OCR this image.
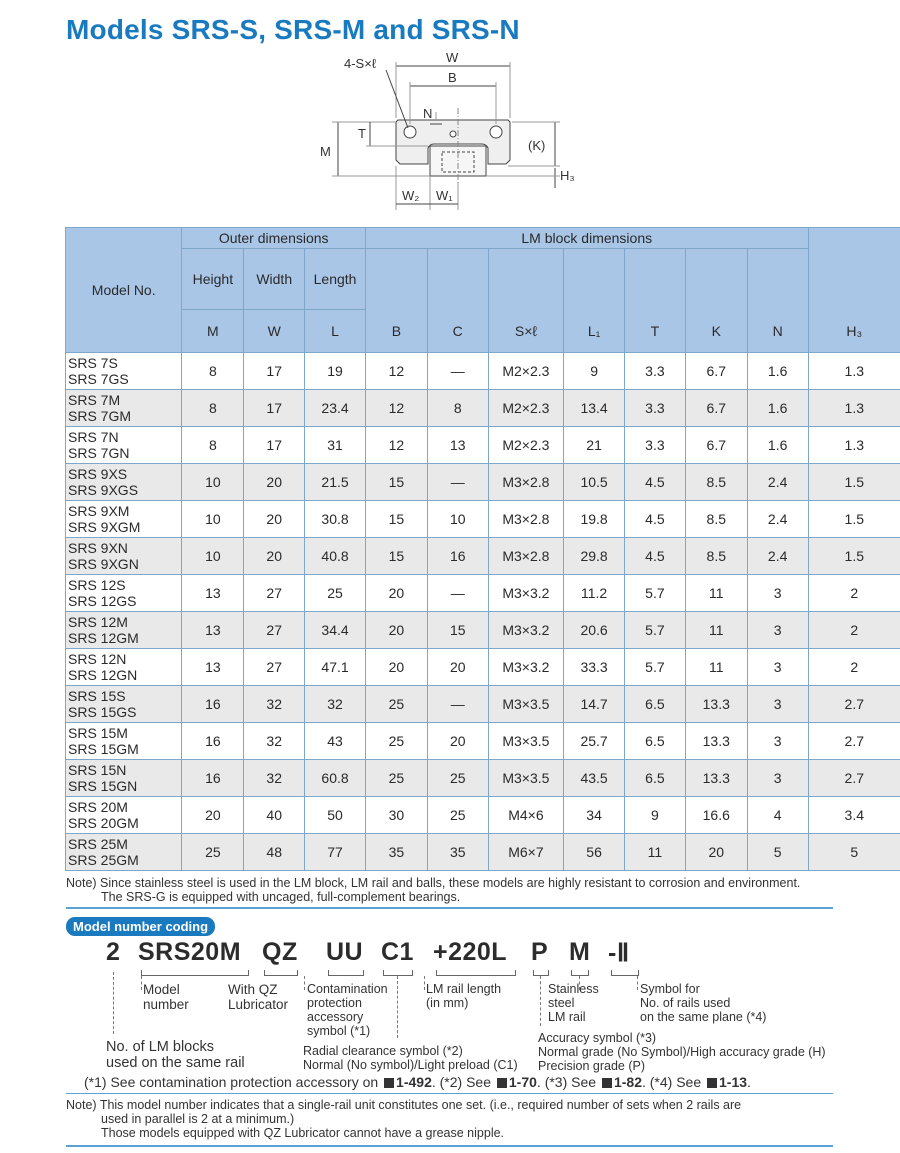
Models SRS-S, SRS-M and SRS-N
W
B
4-S×ℓ
N
T
M	(K)
H₃
W₂ W₁
Model No.	Outer dimensions			LM block dimensions							
	Height	Width	Length								
	M	W	L	B	C	S×ℓ	L₁	T	K	N	H₃

SRS 7S
SRS 7GS	8	17	19	12	—	M2×2.3	9	3.3	6.7	1.6	1.3

SRS 7M
SRS 7GM	8	17	23.4	12	8	M2×2.3	13.4	3.3	6.7	1.6	1.3

SRS 7N
SRS 7GN	8	17	31	12	13	M2×2.3	21	3.3	6.7	1.6	1.3

SRS 9XS
SRS 9XGS	10	20	21.5	15	—	M3×2.8	10.5	4.5	8.5	2.4	1.5

SRS 9XM
SRS 9XGM	10	20	30.8	15	10	M3×2.8	19.8	4.5	8.5	2.4	1.5

SRS 9XN
SRS 9XGN	10	20	40.8	15	16	M3×2.8	29.8	4.5	8.5	2.4	1.5

SRS 12S
SRS 12GS	13	27	25	20	—	M3×3.2	11.2	5.7	11	3	2

SRS 12M
SRS 12GM	13	27	34.4	20	15	M3×3.2	20.6	5.7	11	3	2

SRS 12N
SRS 12GN	13	27	47.1	20	20	M3×3.2	33.3	5.7	11	3	2

SRS 15S
SRS 15GS	16	32	32	25	—	M3×3.5	14.7	6.5	13.3	3	2.7

SRS 15M
SRS 15GM	16	32	43	25	20	M3×3.5	25.7	6.5	13.3	3	2.7

SRS 15N
SRS 15GN	16	32	60.8	25	25	M3×3.5	43.5	6.5	13.3	3	2.7

SRS 20M
SRS 20GM	20	40	50	30	25	M4×6	34	9	16.6	4	3.4

SRS 25M
SRS 25GM	25	48	77	35	35	M6×7	56	11	20	5	5
Note) Since stainless steel is used in the LM block, LM rail and balls, these models are highly resistant to corrosion and environment.
The SRS-G is equipped with uncaged, full-complement bearings.
Model number coding
2 SRS20M QZ UU C1 +220L P M -Ⅱ
Model
number
With QZ
Lubricator
Contamination
protection
accessory
symbol (*1)
LM rail length
(in mm)
Stainless
steel
LM rail
Symbol for
No. of rails used
on the same plane (*4)
Accuracy symbol (*3)
Normal grade (No Symbol)/High accuracy grade (H)
Precision grade (P)
Radial clearance symbol (*2)
Normal (No symbol)/Light preload (C1)
No. of LM blocks
used on the same rail
(*1) See contamination protection accessory on 1-492. (*2) See 1-70. (*3) See 1-82. (*4) See 1-13.
Note) This model number indicates that a single-rail unit constitutes one set. (i.e., required number of sets when 2 rails are
used in parallel is 2 at a minimum.)
Those models equipped with QZ Lubricator cannot have a grease nipple.
